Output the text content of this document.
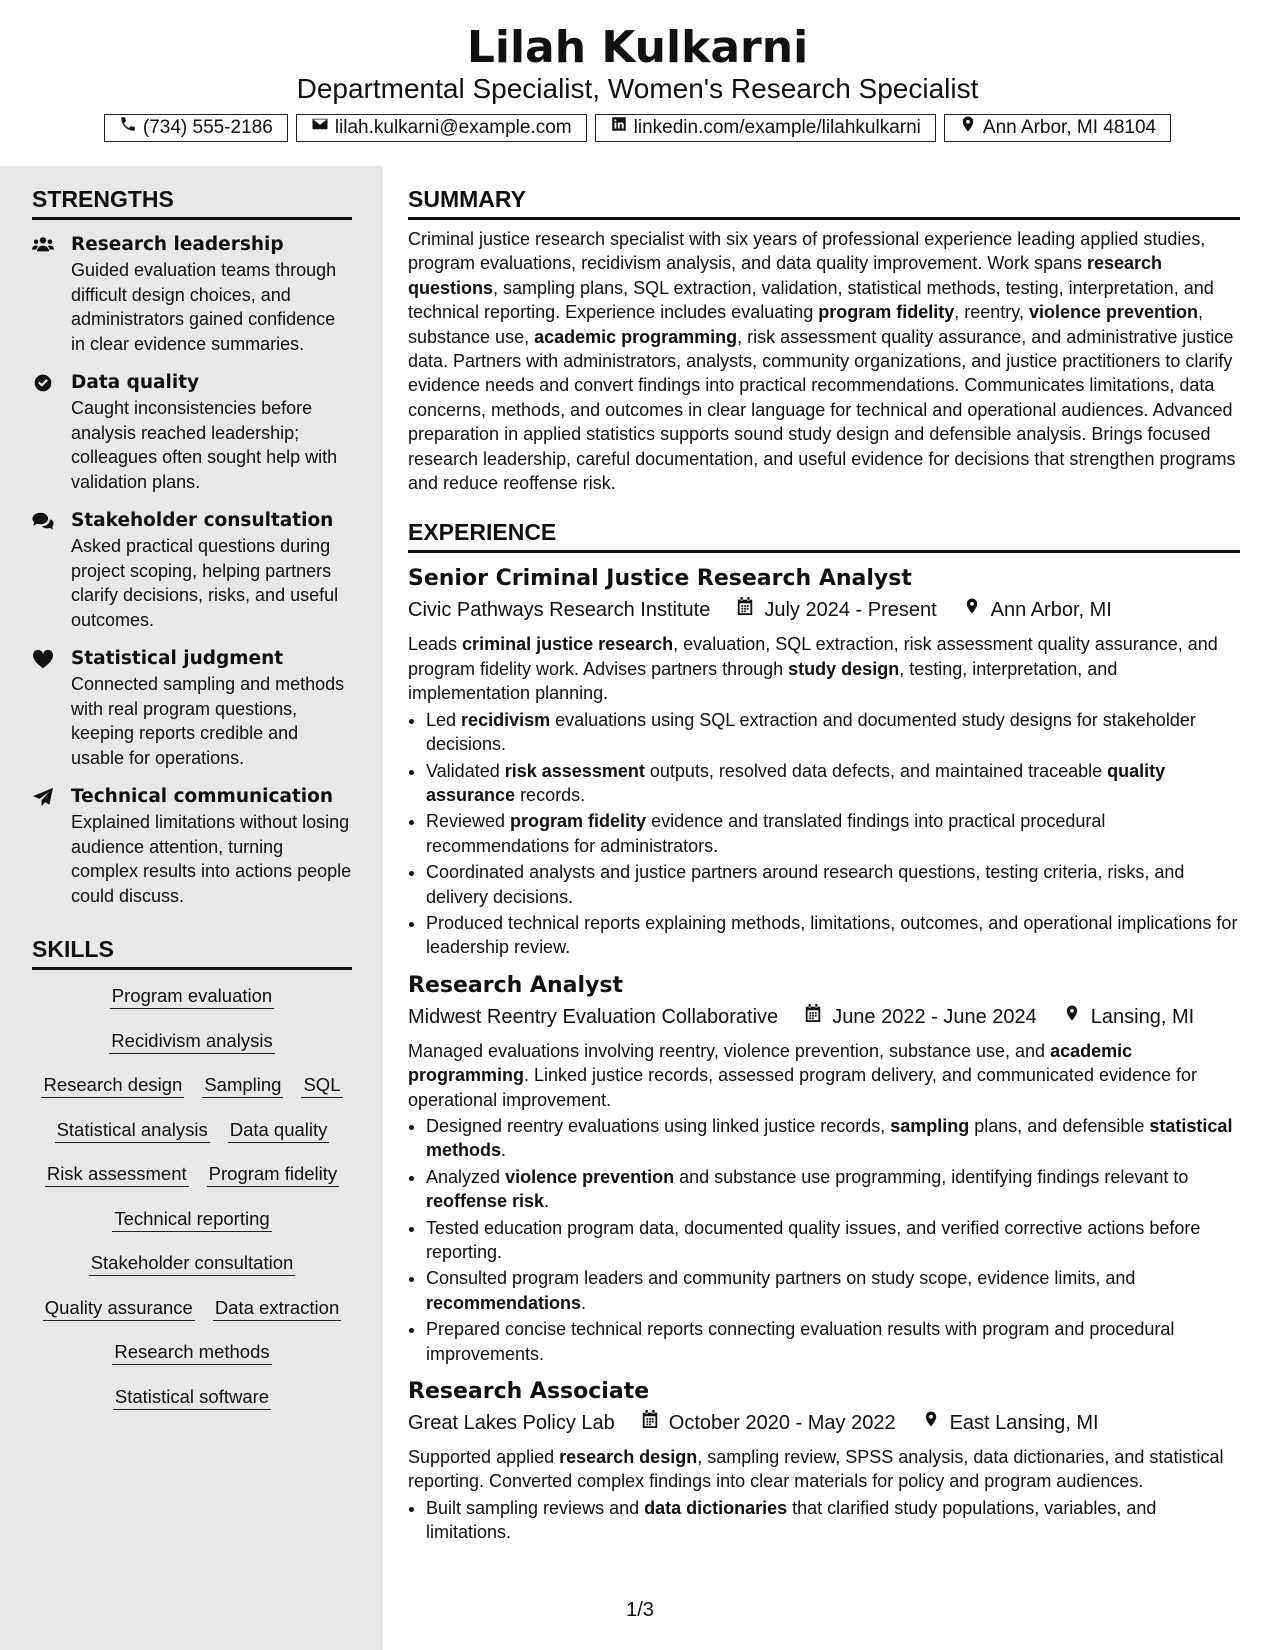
Lilah Kulkarni
Departmental Specialist, Women's Research Specialist
(734) 555-2186	lilah.kulkarni@example.com	linkedin.com/example/lilahkulkarni	Ann Arbor, MI 48104
STRENGTHS
Research leadership
Guided evaluation teams through difficult design choices, and administrators gained confidence in clear evidence summaries.
Data quality
Caught inconsistencies before analysis reached leadership; colleagues often sought help with validation plans.
Stakeholder consultation
Asked practical questions during project scoping, helping partners clarify decisions, risks, and useful outcomes.
Statistical judgment
Connected sampling and methods with real program questions, keeping reports credible and usable for operations.
Technical communication
Explained limitations without losing audience attention, turning complex results into actions people could discuss.
SKILLS
Program evaluation
Recidivism analysis
Research design Sampling SQL
Statistical analysis Data quality
Risk assessment Program fidelity
Technical reporting
Stakeholder consultation
Quality assurance Data extraction
Research methods
Statistical software
SUMMARY
Criminal justice research specialist with six years of professional experience leading applied studies, program evaluations, recidivism analysis, and data quality improvement. Work spans research questions, sampling plans, SQL extraction, validation, statistical methods, testing, interpretation, and technical reporting. Experience includes evaluating program fidelity, reentry, violence prevention, substance use, academic programming, risk assessment quality assurance, and administrative justice data. Partners with administrators, analysts, community organizations, and justice practitioners to clarify evidence needs and convert findings into practical recommendations. Communicates limitations, data concerns, methods, and outcomes in clear language for technical and operational audiences. Advanced preparation in applied statistics supports sound study design and defensible analysis. Brings focused research leadership, careful documentation, and useful evidence for decisions that strengthen programs and reduce reoffense risk.
EXPERIENCE
Senior Criminal Justice Research Analyst
Civic Pathways Research Institute	July 2024 - Present	Ann Arbor, MI
Leads criminal justice research, evaluation, SQL extraction, risk assessment quality assurance, and program fidelity work. Advises partners through study design, testing, interpretation, and implementation planning.
• Led recidivism evaluations using SQL extraction and documented study designs for stakeholder decisions.
• Validated risk assessment outputs, resolved data defects, and maintained traceable quality assurance records.
• Reviewed program fidelity evidence and translated findings into practical procedural recommendations for administrators.
• Coordinated analysts and justice partners around research questions, testing criteria, risks, and delivery decisions.
• Produced technical reports explaining methods, limitations, outcomes, and operational implications for leadership review.
Research Analyst
Midwest Reentry Evaluation Collaborative	June 2022 - June 2024	Lansing, MI
Managed evaluations involving reentry, violence prevention, substance use, and academic programming. Linked justice records, assessed program delivery, and communicated evidence for operational improvement.
• Designed reentry evaluations using linked justice records, sampling plans, and defensible statistical methods.
• Analyzed violence prevention and substance use programming, identifying findings relevant to reoffense risk.
• Tested education program data, documented quality issues, and verified corrective actions before reporting.
• Consulted program leaders and community partners on study scope, evidence limits, and recommendations.
• Prepared concise technical reports connecting evaluation results with program and procedural improvements.
Research Associate
Great Lakes Policy Lab	October 2020 - May 2022	East Lansing, MI
Supported applied research design, sampling review, SPSS analysis, data dictionaries, and statistical reporting. Converted complex findings into clear materials for policy and program audiences.
• Built sampling reviews and data dictionaries that clarified study populations, variables, and limitations.
1/3
